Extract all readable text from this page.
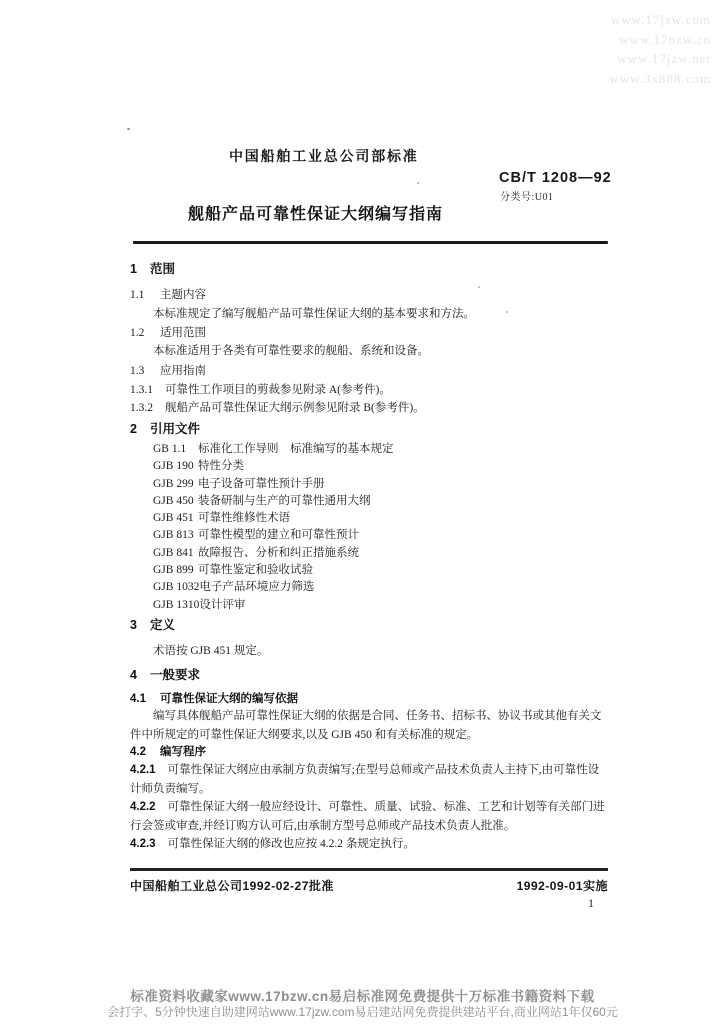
www.17jzw.com
www.17bzw.cn
www.17jzw.net
www.3x888.com
中国船舶工业总公司部标准
CB/T 1208—92
分类号:U01
舰船产品可靠性保证大纲编写指南
1 范围
1.1 主题内容
本标准规定了编写舰船产品可靠性保证大纲的基本要求和方法。
1.2 适用范围
本标准适用于各类有可靠性要求的舰船、系统和设备。
1.3 应用指南
1.3.1 可靠性工作项目的剪裁参见附录 A(参考件)。
1.3.2 舰船产品可靠性保证大纲示例参见附录 B(参考件)。
2 引用文件
GB 1.1 标准化工作导则　标准编写的基本规定
GJB 190 特性分类
GJB 299 电子设备可靠性预计手册
GJB 450 装备研制与生产的可靠性通用大纲
GJB 451 可靠性维修性术语
GJB 813 可靠性模型的建立和可靠性预计
GJB 841 故障报告、分析和纠正措施系统
GJB 899 可靠性鉴定和验收试验
GJB 1032电子产品环境应力筛选
GJB 1310设计评审
3 定义
术语按 GJB 451 规定。
4 一般要求
4.1 可靠性保证大纲的编写依据
编写具体舰船产品可靠性保证大纲的依据是合同、任务书、招标书、协议书或其他有关文件中所规定的可靠性保证大纲要求,以及 GJB 450 和有关标准的规定。
4.2 编写程序
4.2.1 可靠性保证大纲应由承制方负责编写;在型号总师或产品技术负责人主持下,由可靠性设计师负责编写。
4.2.2 可靠性保证大纲一般应经设计、可靠性、质量、试验、标准、工艺和计划等有关部门进行会签或审查,并经订购方认可后,由承制方型号总师或产品技术负责人批准。
4.2.3 可靠性保证大纲的修改也应按 4.2.2 条规定执行。
中国船舶工业总公司1992-02-27批准	1992-09-01实施
1
标准资料收藏家www.17bzw.cn易启标准网免费提供十万标准书籍资料下载
会打字、5分钟快速自助建网站www.17jzw.com易启建站网免费提供建站平台,商业网站1年仅60元
